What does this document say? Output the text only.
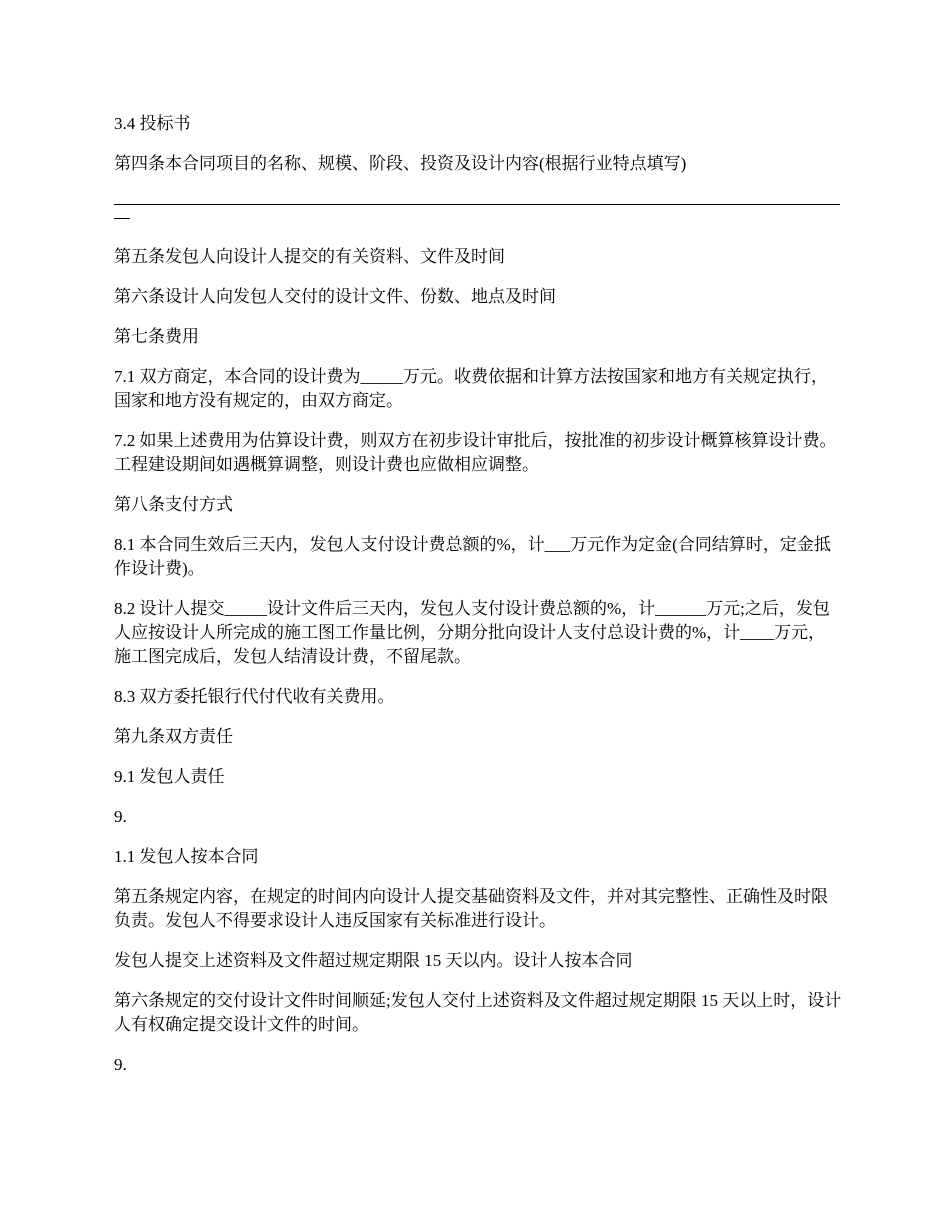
3.4 投标书

第四条本合同项目的名称、规模、阶段、投资及设计内容(根据行业特点填写)

第五条发包人向设计人提交的有关资料、文件及时间

第六条设计人向发包人交付的设计文件、份数、地点及时间

第七条费用

7.1 双方商定，本合同的设计费为_____万元。收费依据和计算方法按国家和地方有关规定执行，国家和地方没有规定的，由双方商定。

7.2 如果上述费用为估算设计费，则双方在初步设计审批后，按批准的初步设计概算核算设计费。工程建设期间如遇概算调整，则设计费也应做相应调整。

第八条支付方式

8.1 本合同生效后三天内，发包人支付设计费总额的%，计___万元作为定金(合同结算时，定金抵作设计费)。

8.2 设计人提交_____设计文件后三天内，发包人支付设计费总额的%，计______万元;之后，发包人应按设计人所完成的施工图工作量比例，分期分批向设计人支付总设计费的%，计____万元，施工图完成后，发包人结清设计费，不留尾款。

8.3 双方委托银行代付代收有关费用。

第九条双方责任

9.1 发包人责任

9.

1.1 发包人按本合同

第五条规定内容，在规定的时间内向设计人提交基础资料及文件，并对其完整性、正确性及时限负责。发包人不得要求设计人违反国家有关标准进行设计。

发包人提交上述资料及文件超过规定期限 15 天以内。设计人按本合同

第六条规定的交付设计文件时间顺延;发包人交付上述资料及文件超过规定期限 15 天以上时，设计人有权确定提交设计文件的时间。

9.
